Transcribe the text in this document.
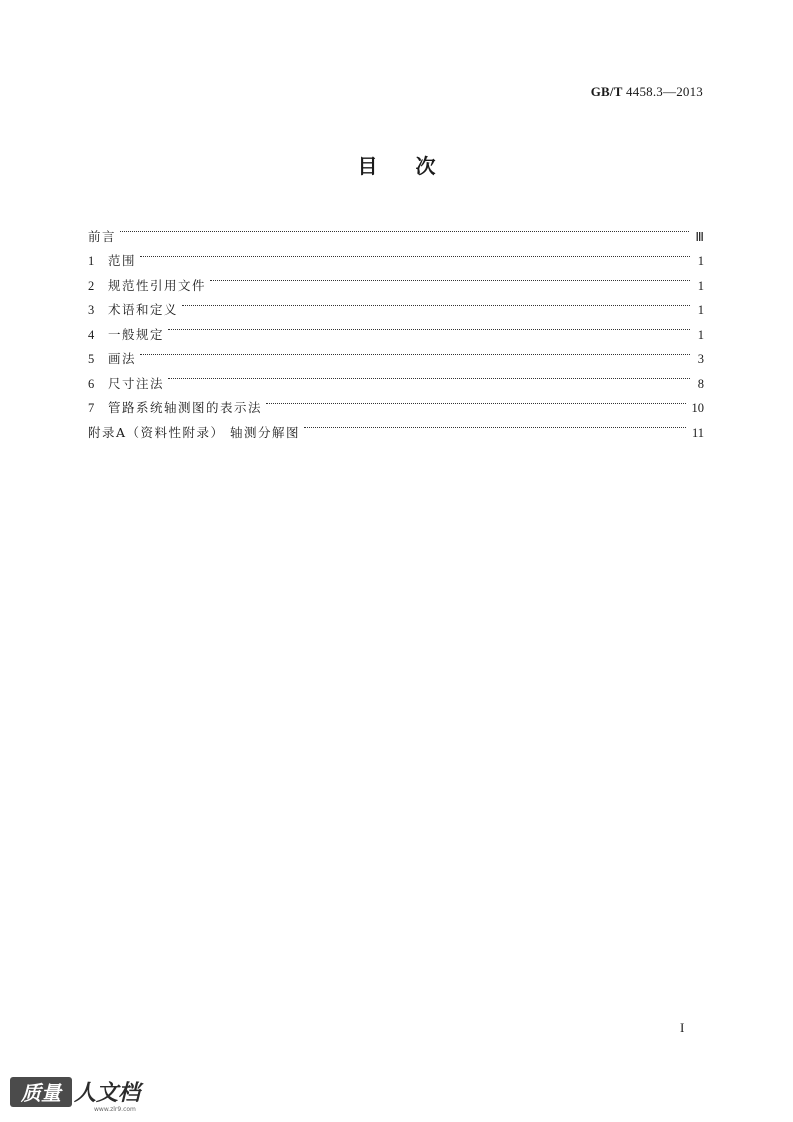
GB/T 4458.3—2013
目次
前言	Ⅲ
1	范围	1
2	规范性引用文件	1
3	术语和定义	1
4	一般规定	1
5	画法	3
6	尺寸注法	8
7	管路系统轴测图的表示法	10
附录A（资料性附录） 轴测分解图	11
I
质量 人文档
www.zlr9.com
